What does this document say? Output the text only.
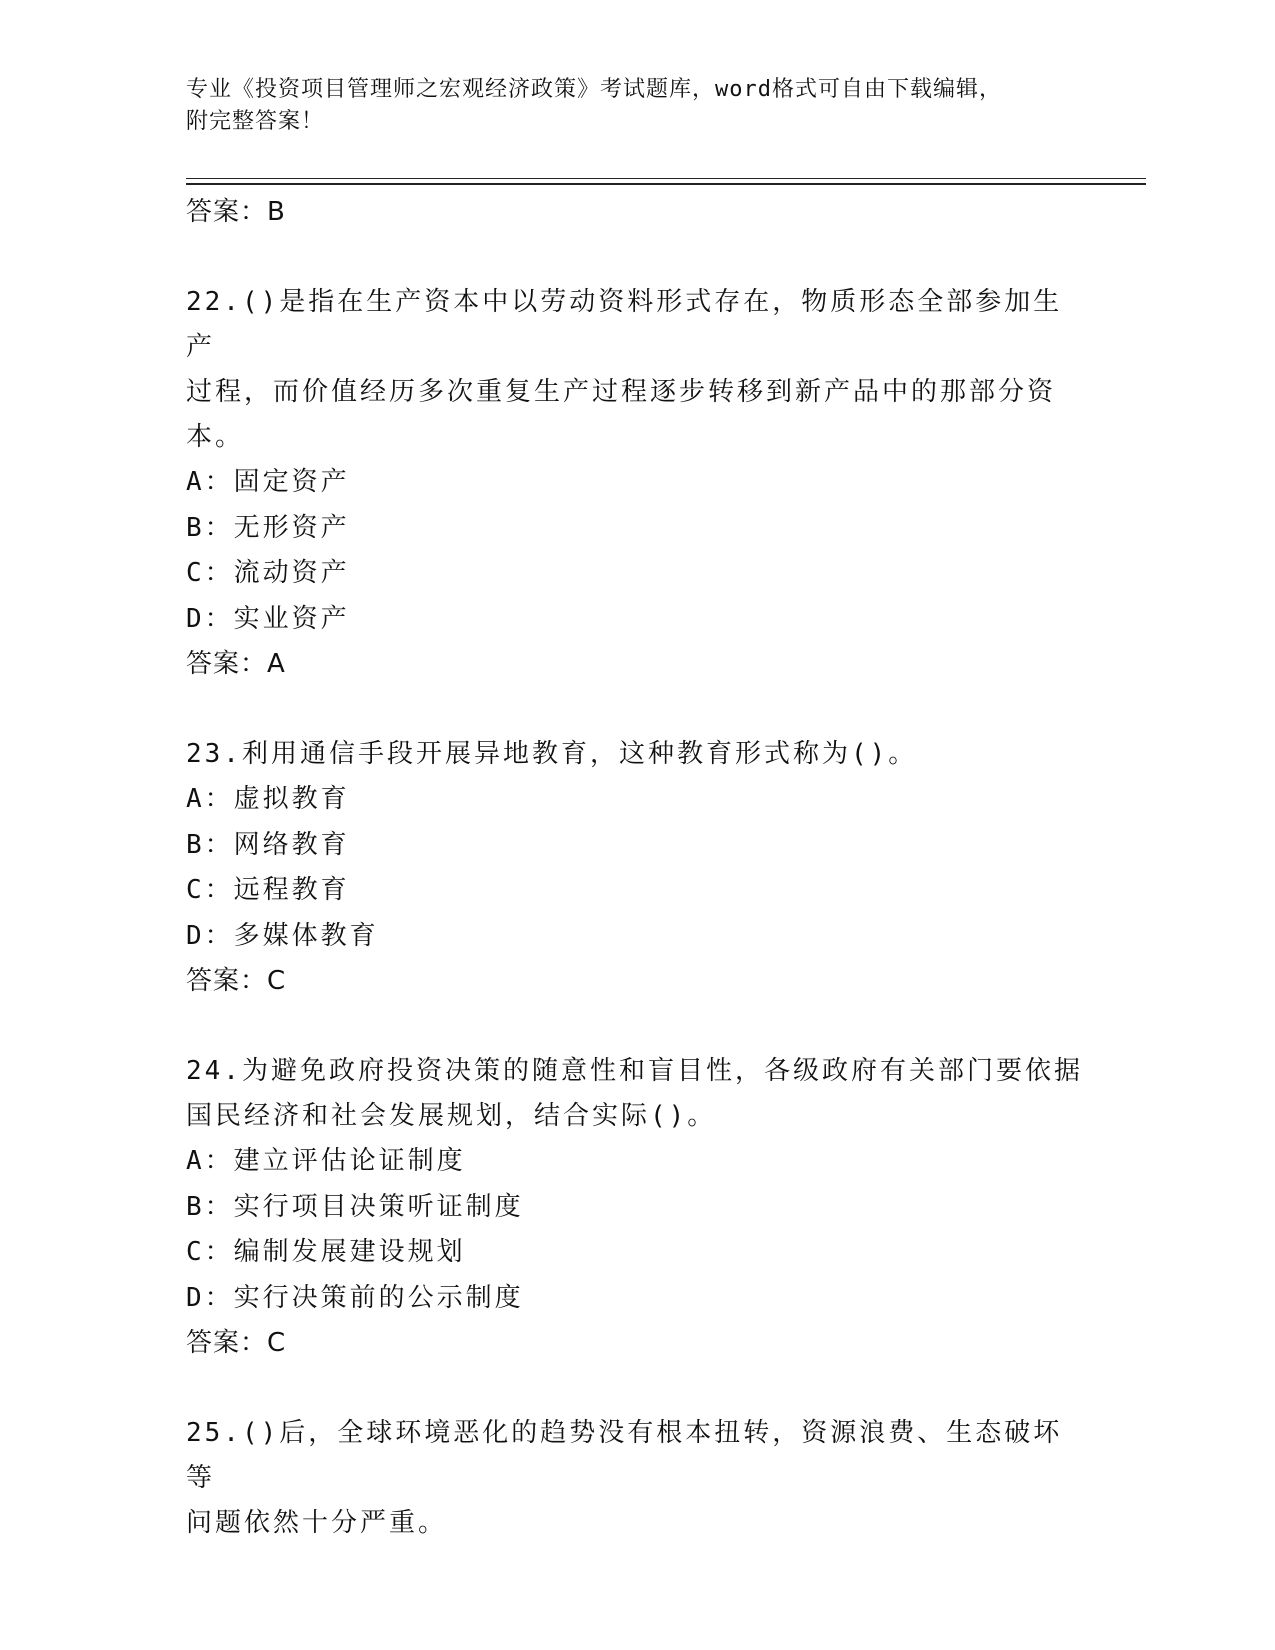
专业《投资项目管理师之宏观经济政策》考试题库，word格式可自由下载编辑，
附完整答案！
答案：B
22.()是指在生产资本中以劳动资料形式存在，物质形态全部参加生产
过程，而价值经历多次重复生产过程逐步转移到新产品中的那部分资
本。
A：固定资产
B：无形资产
C：流动资产
D：实业资产
答案：A
23.利用通信手段开展异地教育，这种教育形式称为()。
A：虚拟教育
B：网络教育
C：远程教育
D：多媒体教育
答案：C
24.为避免政府投资决策的随意性和盲目性，各级政府有关部门要依据
国民经济和社会发展规划，结合实际()。
A：建立评估论证制度
B：实行项目决策听证制度
C：编制发展建设规划
D：实行决策前的公示制度
答案：C
25.()后，全球环境恶化的趋势没有根本扭转，资源浪费、生态破坏等
问题依然十分严重。
